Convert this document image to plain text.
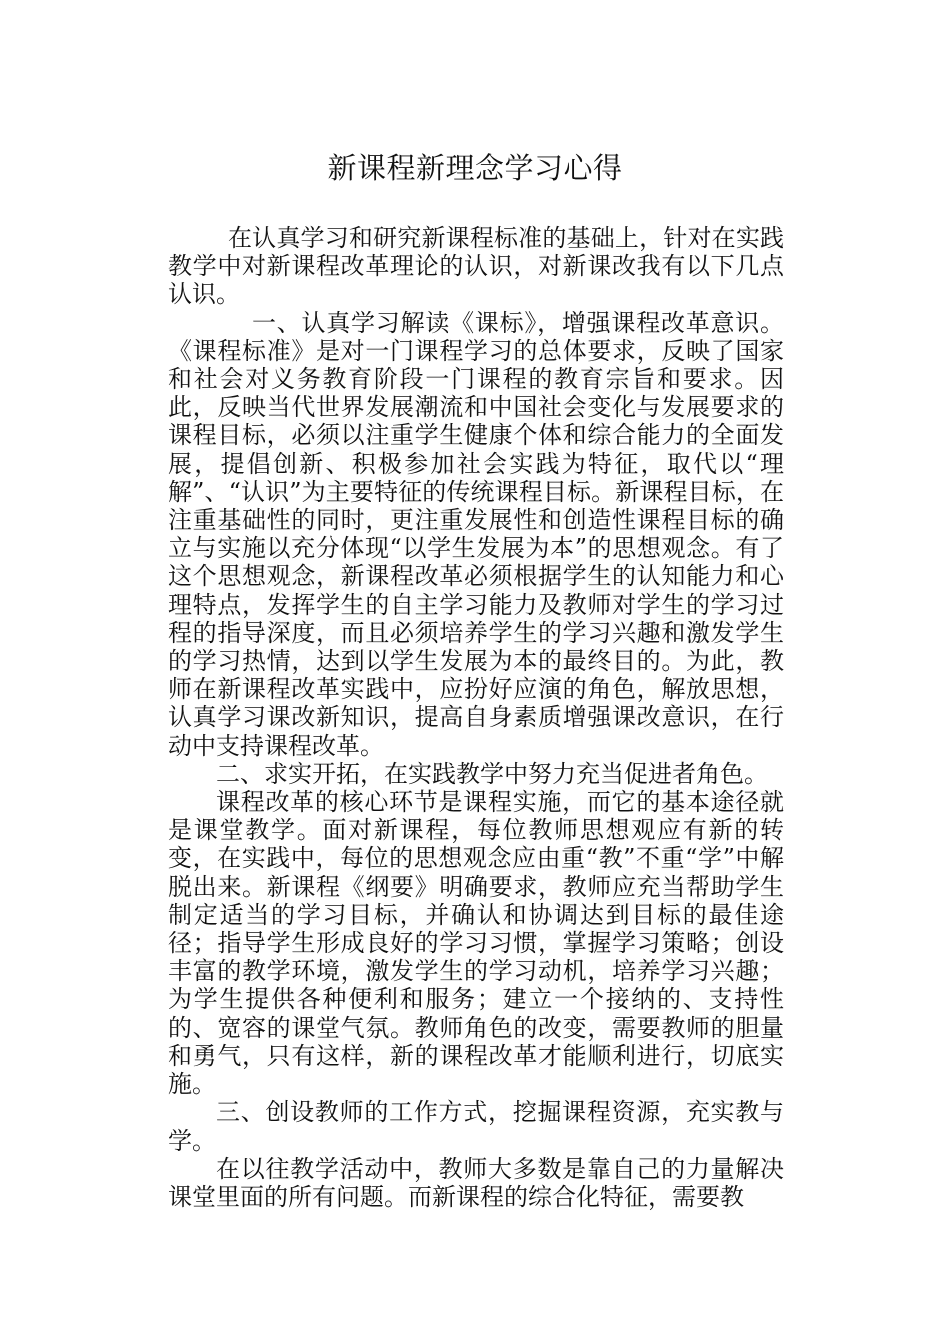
新课程新理念学习心得

在认真学习和研究新课程标准的基础上，针对在实践教学中对新课程改革理论的认识，对新课改我有以下几点认识。

一、认真学习解读《课标》，增强课程改革意识。《课程标准》是对一门课程学习的总体要求，反映了国家和社会对义务教育阶段一门课程的教育宗旨和要求。因此，反映当代世界发展潮流和中国社会变化与发展要求的课程目标，必须以注重学生健康个体和综合能力的全面发展，提倡创新、积极参加社会实践为特征，取代以“理解”、“认识”为主要特征的传统课程目标。新课程目标，在注重基础性的同时，更注重发展性和创造性课程目标的确立与实施以充分体现“以学生发展为本”的思想观念。有了这个思想观念，新课程改革必须根据学生的认知能力和心理特点，发挥学生的自主学习能力及教师对学生的学习过程的指导深度，而且必须培养学生的学习兴趣和激发学生的学习热情，达到以学生发展为本的最终目的。为此，教师在新课程改革实践中，应扮好应演的角色，解放思想，认真学习课改新知识，提高自身素质增强课改意识，在行动中支持课程改革。

二、求实开拓，在实践教学中努力充当促进者角色。

课程改革的核心环节是课程实施，而它的基本途径就是课堂教学。面对新课程，每位教师思想观应有新的转变，在实践中，每位的思想观念应由重“教”不重“学”中解脱出来。新课程《纲要》明确要求，教师应充当帮助学生制定适当的学习目标，并确认和协调达到目标的最佳途径；指导学生形成良好的学习习惯，掌握学习策略；创设丰富的教学环境，激发学生的学习动机，培养学习兴趣；为学生提供各种便利和服务；建立一个接纳的、支持性的、宽容的课堂气氛。教师角色的改变，需要教师的胆量和勇气，只有这样，新的课程改革才能顺利进行，切底实施。

三、创设教师的工作方式，挖掘课程资源，充实教与学。

在以往教学活动中，教师大多数是靠自己的力量解决课堂里面的所有问题。而新课程的综合化特征，需要教
